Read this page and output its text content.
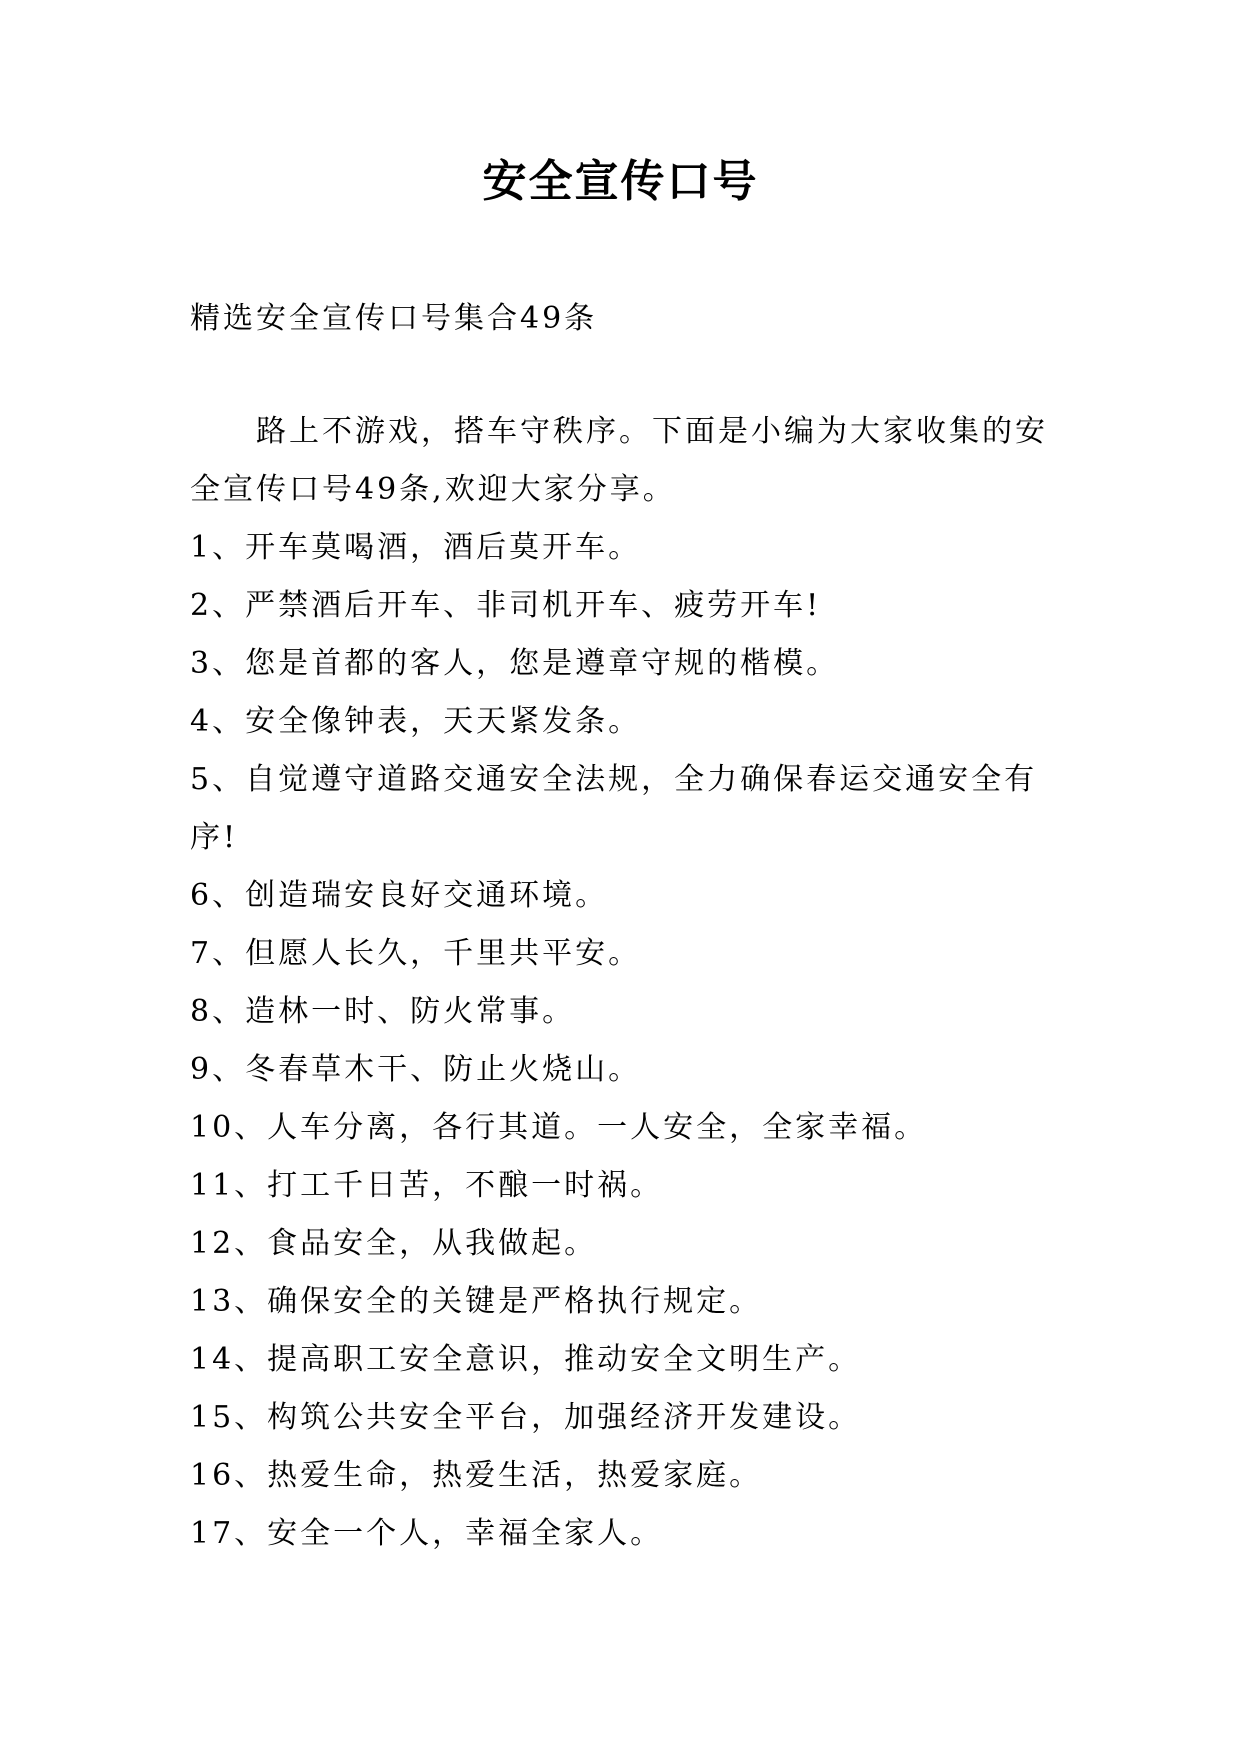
安全宣传口号
精选安全宣传口号集合49条

路上不游戏，搭车守秩序。下面是小编为大家收集的安全宣传口号49条,欢迎大家分享。

1、开车莫喝酒，酒后莫开车。
2、严禁酒后开车、非司机开车、疲劳开车!
3、您是首都的客人，您是遵章守规的楷模。
4、安全像钟表，天天紧发条。
5、自觉遵守道路交通安全法规，全力确保春运交通安全有序!
6、创造瑞安良好交通环境。
7、但愿人长久，千里共平安。
8、造林一时、防火常事。
9、冬春草木干、防止火烧山。
10、人车分离，各行其道。一人安全，全家幸福。
11、打工千日苦，不酿一时祸。
12、食品安全，从我做起。
13、确保安全的关键是严格执行规定。
14、提高职工安全意识，推动安全文明生产。
15、构筑公共安全平台，加强经济开发建设。
16、热爱生命，热爱生活，热爱家庭。
17、安全一个人，幸福全家人。
